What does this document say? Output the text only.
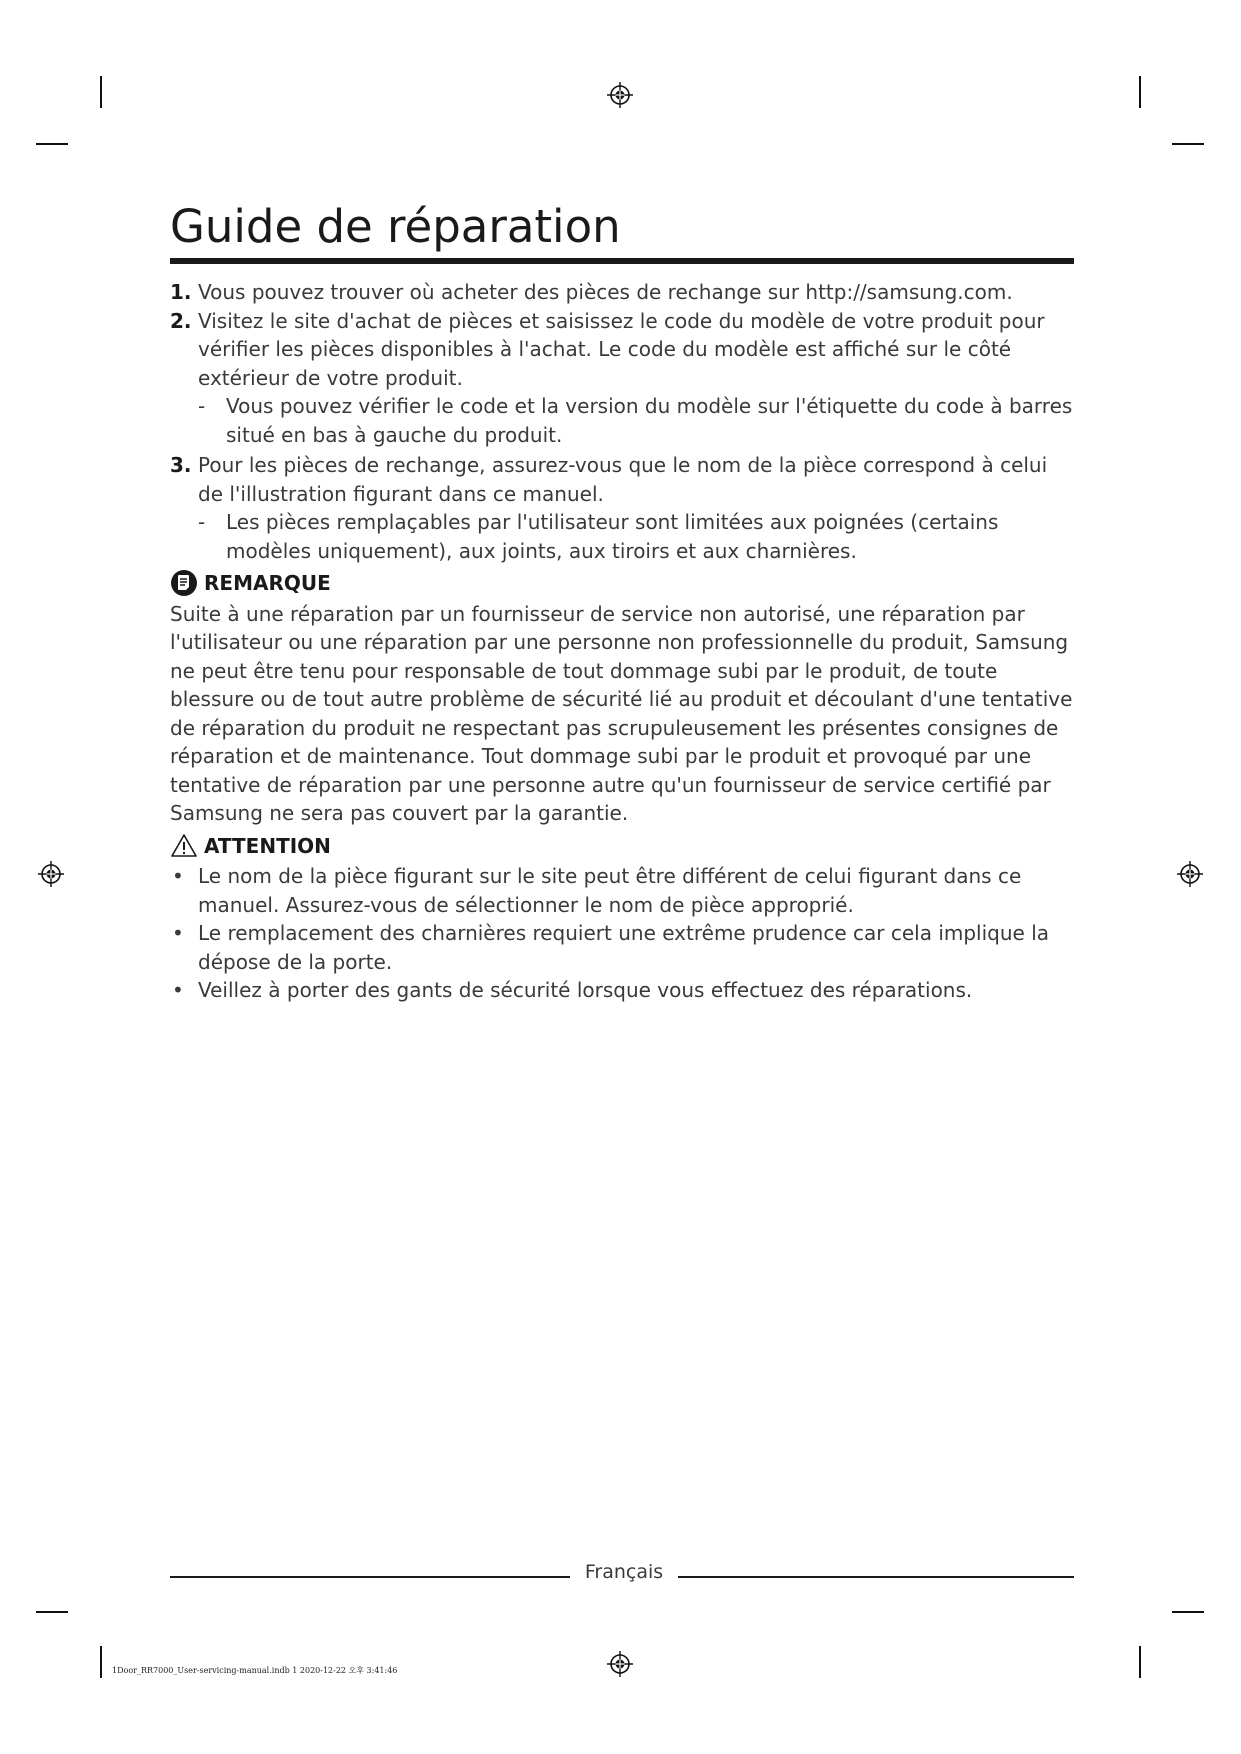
Guide de réparation
1. Vous pouvez trouver où acheter des pièces de rechange sur http://samsung.com.
2. Visitez le site d'achat de pièces et saisissez le code du modèle de votre produit pour vérifier les pièces disponibles à l'achat. Le code du modèle est affiché sur le côté extérieur de votre produit.
- Vous pouvez vérifier le code et la version du modèle sur l'étiquette du code à barres situé en bas à gauche du produit.
3. Pour les pièces de rechange, assurez-vous que le nom de la pièce correspond à celui de l'illustration figurant dans ce manuel.
- Les pièces remplaçables par l'utilisateur sont limitées aux poignées (certains modèles uniquement), aux joints, aux tiroirs et aux charnières.
REMARQUE

Suite à une réparation par un fournisseur de service non autorisé, une réparation par l'utilisateur ou une réparation par une personne non professionnelle du produit, Samsung ne peut être tenu pour responsable de tout dommage subi par le produit, de toute blessure ou de tout autre problème de sécurité lié au produit et découlant d'une tentative de réparation du produit ne respectant pas scrupuleusement les présentes consignes de réparation et de maintenance. Tout dommage subi par le produit et provoqué par une tentative de réparation par une personne autre qu'un fournisseur de service certifié par Samsung ne sera pas couvert par la garantie.

ATTENTION
• Le nom de la pièce figurant sur le site peut être différent de celui figurant dans ce manuel. Assurez-vous de sélectionner le nom de pièce approprié.
• Le remplacement des charnières requiert une extrême prudence car cela implique la dépose de la porte.
• Veillez à porter des gants de sécurité lorsque vous effectuez des réparations.
Français
1Door_RR7000_User-servicing-manual.indb 1 2020-12-22 오후 3:41:46
